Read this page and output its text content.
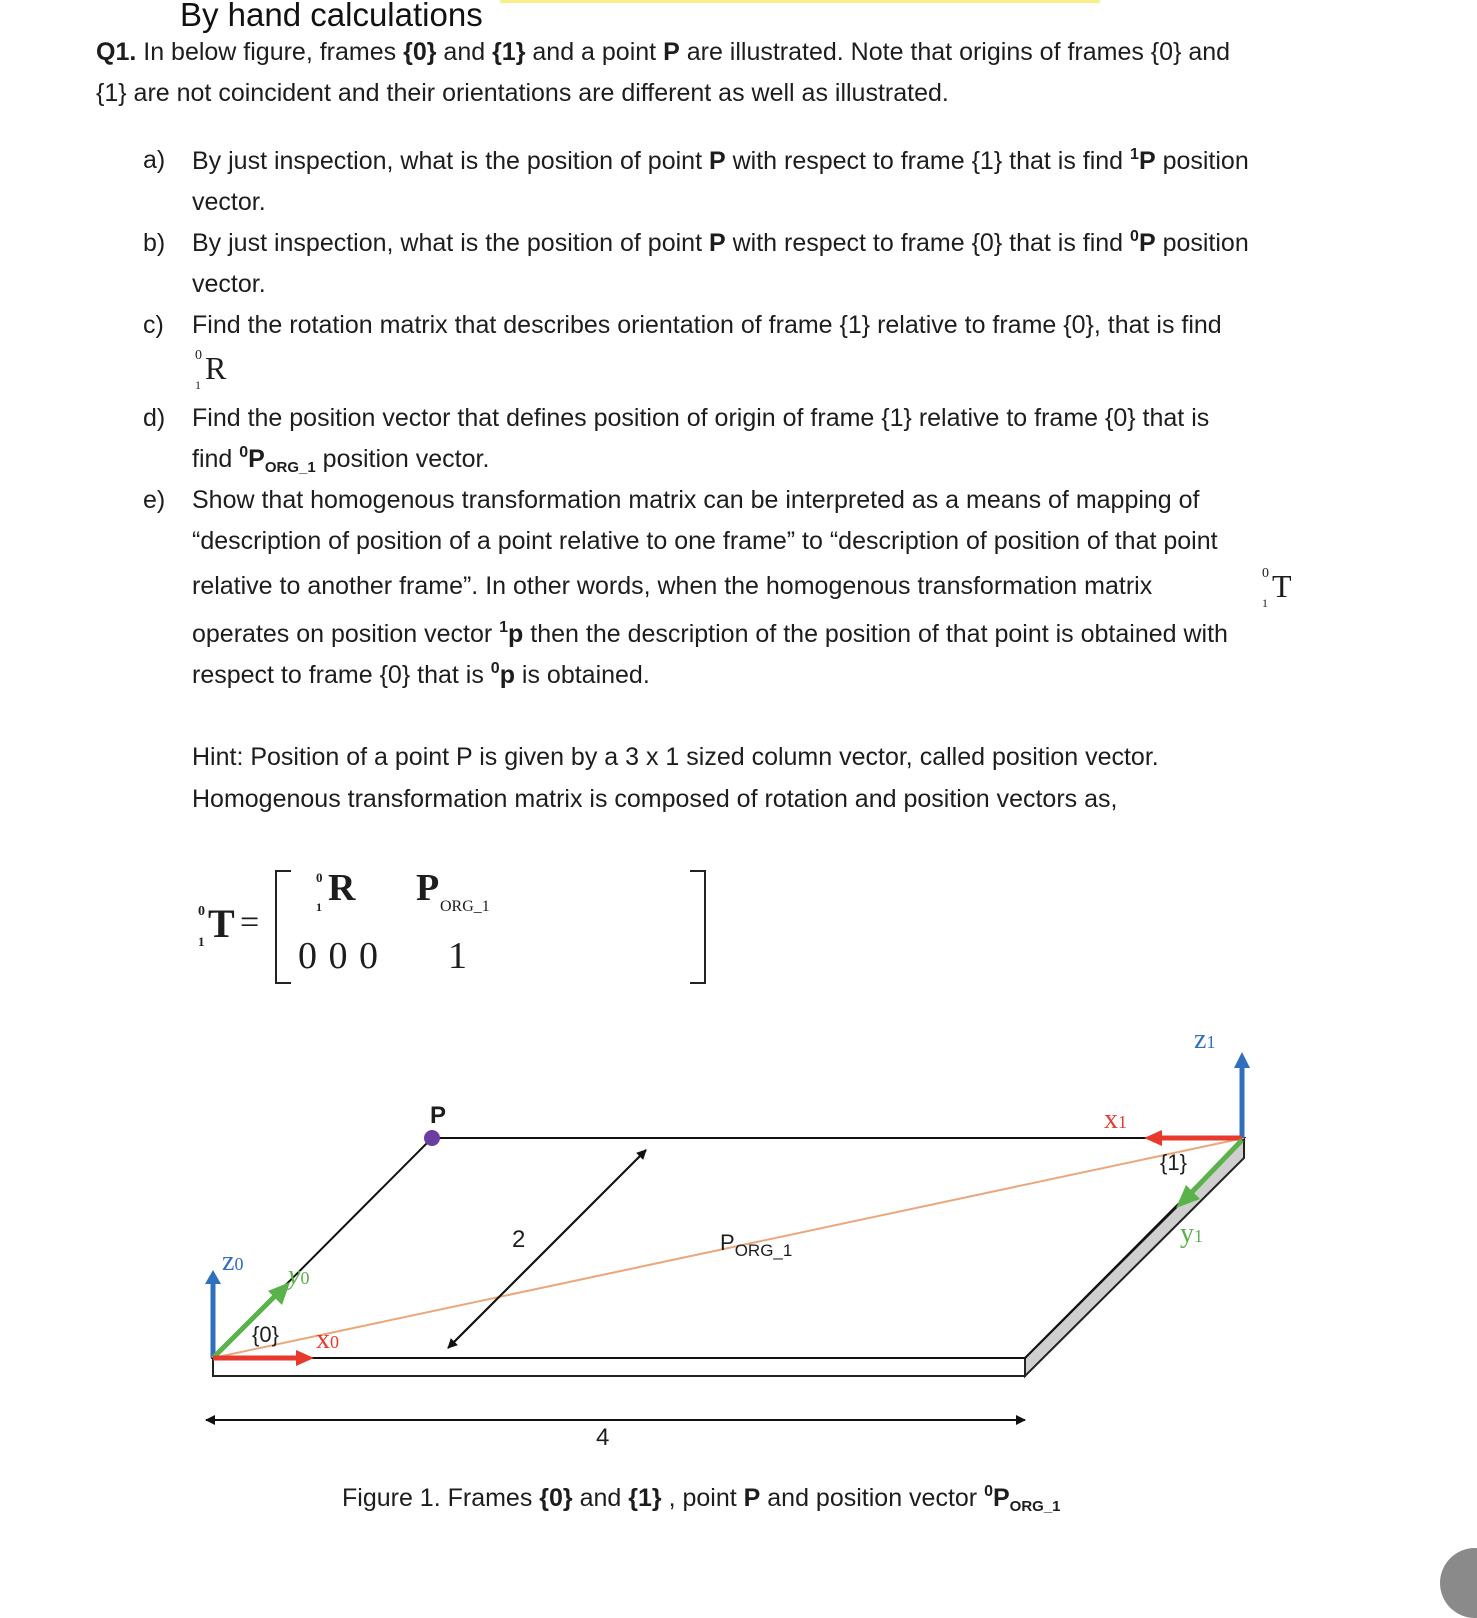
By hand calculations
Q1. In below figure, frames {0} and {1} and a point P are illustrated. Note that origins of frames {0} and
{1} are not coincident and their orientations are different as well as illustrated.
a) By just inspection, what is the position of point P with respect to frame {1} that is find $^1$P position
vector.
b) By just inspection, what is the position of point P with respect to frame {0} that is find $^0$P position
vector.
c) Find the rotation matrix that describes orientation of frame {1} relative to frame {0}, that is find
0 R
1
d) Find the position vector that defines position of origin of frame {1} relative to frame {0} that is
find $^0P_{ORG\_1}$ position vector.
e) Show that homogenous transformation matrix can be interpreted as a means of mapping of
“description of position of a point relative to one frame” to “description of position of that point
relative to another frame”. In other words, when the homogenous transformation matrix	0 T
1
operates on position vector $^1$p then the description of the position of that point is obtained with
respect to frame {0} that is $^0$p is obtained.
Hint: Position of a point P is given by a 3 x 1 sized column vector, called position vector.
Homogenous transformation matrix is composed of rotation and position vectors as,
0 T
1
=
0 R
1 P ORG_1
0 0 0 1
P
2
4
$P_{ORG\_1}$
{0}
{1}
z0 y0
x0
z1
x1
y1
Figure 1. Frames {0} and {1} , point P and position vector $^0P_{ORG\_1}$
